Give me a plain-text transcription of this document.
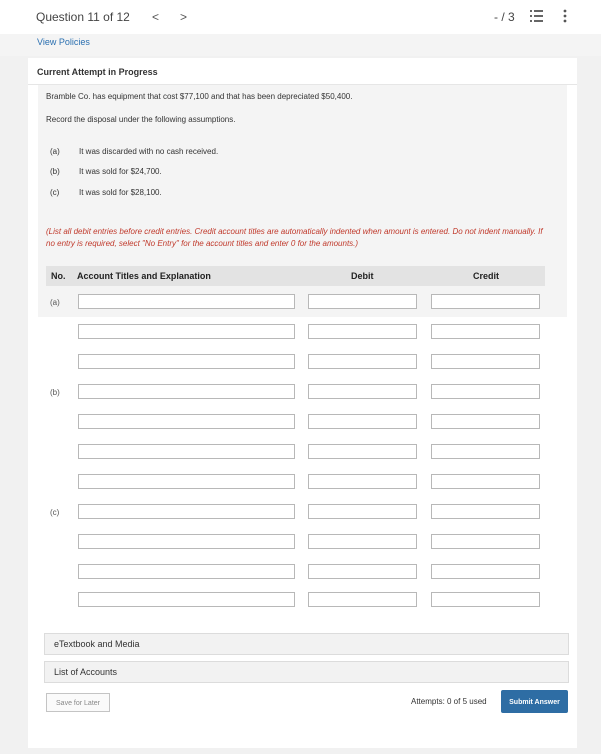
Question 11 of 12 < >	- / 3
View Policies
Current Attempt in Progress
Bramble Co. has equipment that cost $77,100 and that has been depreciated $50,400.
Record the disposal under the following assumptions.
(a) It was discarded with no cash received.
(b) It was sold for $24,700.
(c) It was sold for $28,100.
(List all debit entries before credit entries. Credit account titles are automatically indented when amount is entered. Do not indent manually. If
no entry is required, select "No Entry" for the account titles and enter 0 for the amounts.)
No. Account Titles and Explanation	Debit	Credit
(a)
(b)
(c)
eTextbook and Media
List of Accounts
Save for Later	Attempts: 0 of 5 used	Submit Answer
